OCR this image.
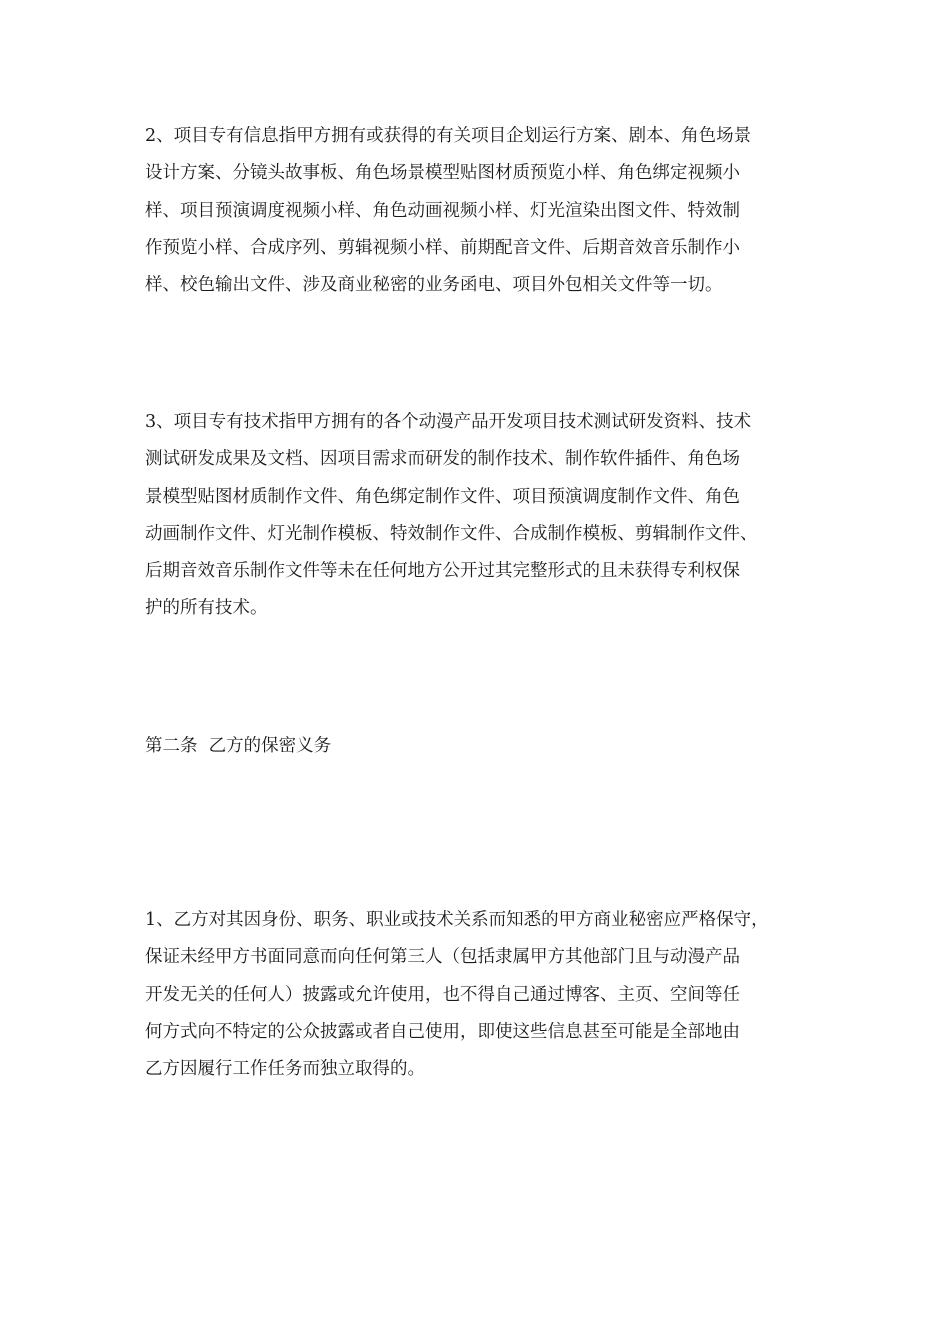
2、项目专有信息指甲方拥有或获得的有关项目企划运行方案、剧本、角色场景
设计方案、分镜头故事板、角色场景模型贴图材质预览小样、角色绑定视频小
样、项目预演调度视频小样、角色动画视频小样、灯光渲染出图文件、特效制
作预览小样、合成序列、剪辑视频小样、前期配音文件、后期音效音乐制作小
样、校色输出文件、涉及商业秘密的业务函电、项目外包相关文件等一切。
3、项目专有技术指甲方拥有的各个动漫产品开发项目技术测试研发资料、技术
测试研发成果及文档、因项目需求而研发的制作技术、制作软件插件、角色场
景模型贴图材质制作文件、角色绑定制作文件、项目预演调度制作文件、角色
动画制作文件、灯光制作模板、特效制作文件、合成制作模板、剪辑制作文件、
后期音效音乐制作文件等未在任何地方公开过其完整形式的且未获得专利权保
护的所有技术。
第二条  乙方的保密义务
1、乙方对其因身份、职务、职业或技术关系而知悉的甲方商业秘密应严格保守，
保证未经甲方书面同意而向任何第三人（包括隶属甲方其他部门且与动漫产品
开发无关的任何人）披露或允许使用，也不得自己通过博客、主页、空间等任
何方式向不特定的公众披露或者自己使用，即使这些信息甚至可能是全部地由
乙方因履行工作任务而独立取得的。
